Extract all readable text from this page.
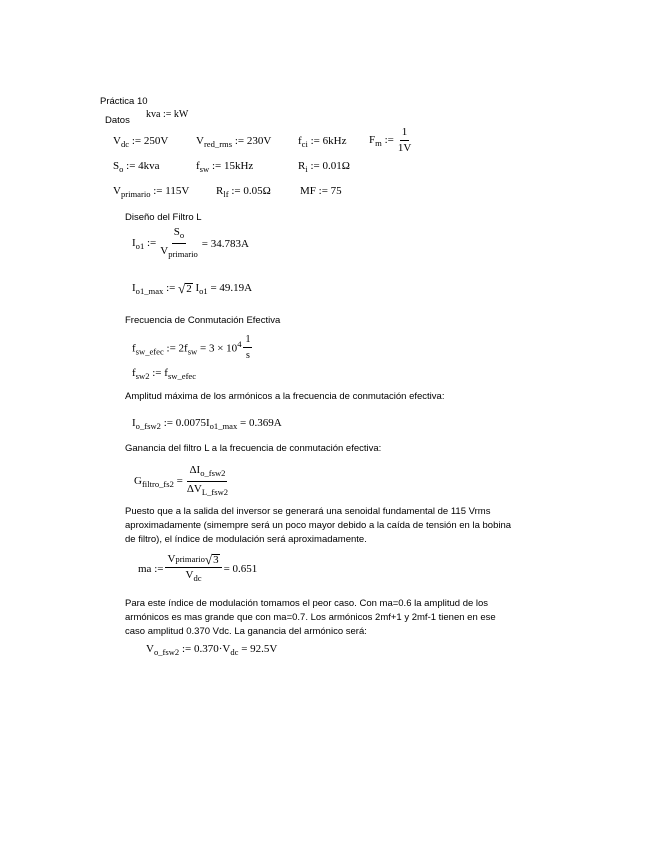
Práctica 10
Datos
kva := kW
$V_{dc}$ := 250V	$V_{red\_rms}$ := 230V $f_{ci}$ := 6kHz $F_m$ := $\frac{1}{1V}$
$S_o$ := 4kva	$f_{sw}$ := 15kHz	$R_i$ := 0.01Ω
$V_{primario}$ := 115V $R_{lf}$ := 0.05Ω	MF := 75
Diseño del Filtro L
$I_{o1}$ := $\frac{S_o}{V_{primario}} = 34.783A$
$I_{o1\_max}$ := √ 2 $I_{o1} = 49.19A$
Frecuencia de Conmutación Efectiva
$f_{sw\_efec}$ := $2f_{sw} = 3 \times 10^4 \frac{1}{s}$
$f_{sw2}$ := $f_{sw\_efec}$
Amplitud máxima de los armónicos a la frecuencia de conmutación efectiva:
$I_{o\_fsw2}$ := $0.0075I_{o1\_max} = 0.369A$
Ganancia del filtro L a la frecuencia de conmutación efectiva:
$G_{filtro\_fs2} = \frac{\Delta I_{o\_fsw2}}{\Delta V_{L\_fsw2}}$
Puesto que a la salida del inversor se generará una senoidal fundamental de 115 Vrms
aproximadamente (simempre será un poco mayor debido a la caída de tensión en la bobina
de filtro), el índice de modulación será aproximadamente.
ma := $\frac{\text{V primario √ 3}}{V_{dc}} = 0.651$
Para este índice de modulación tomamos el peor caso. Con ma=0.6 la amplitud de los
armónicos es mas grande que con ma=0.7. Los armónicos 2mf+1 y 2mf-1 tienen en ese
caso amplitud 0.370 Vdc. La ganancia del armónico será:
$V_{o\_fsw2}$ := $0.370\cdot V_{dc} = 92.5V$
